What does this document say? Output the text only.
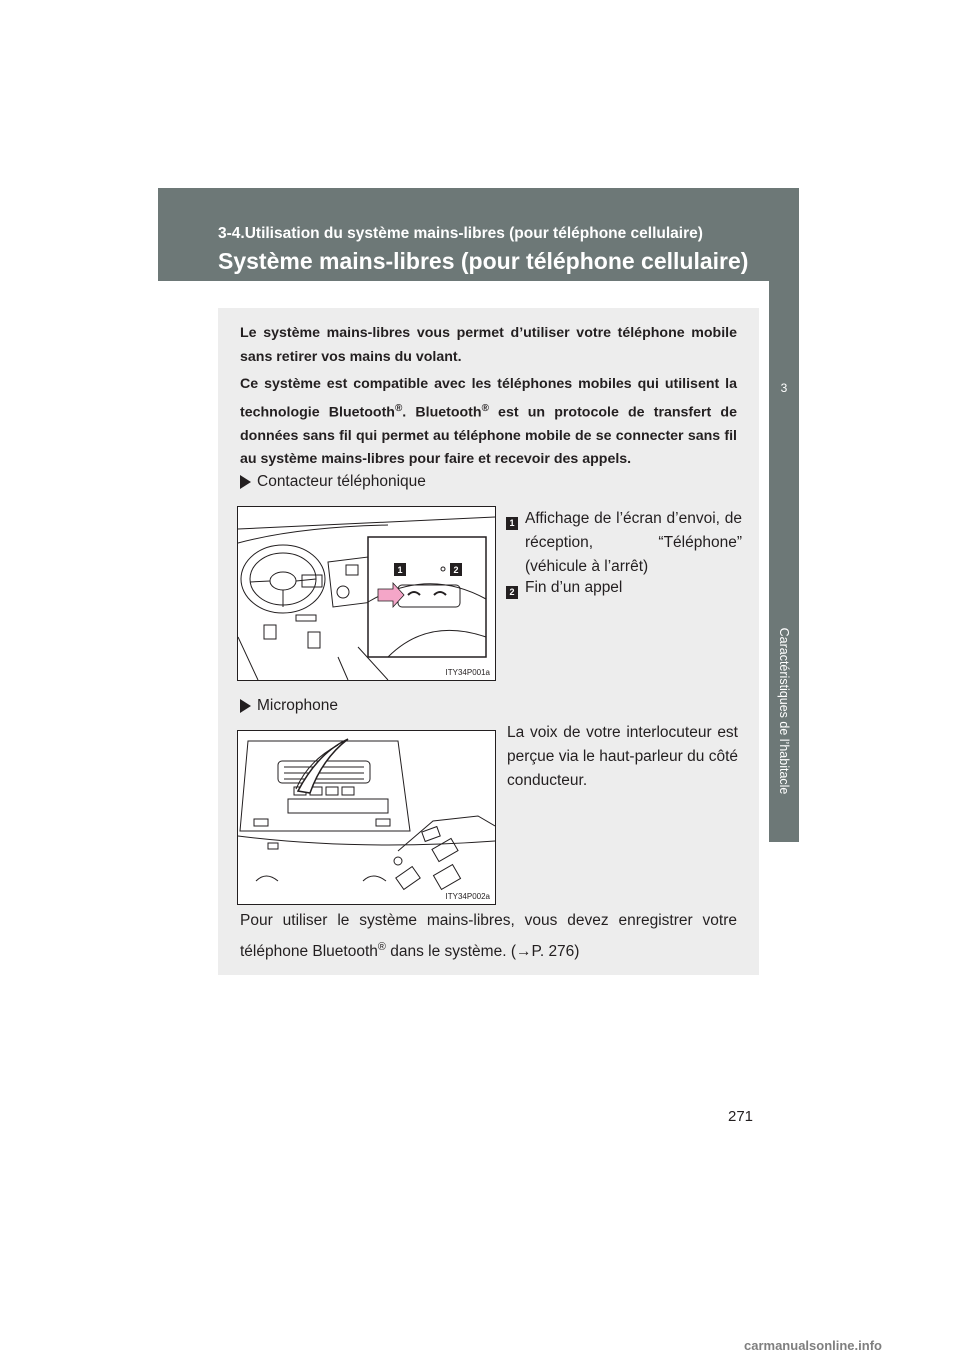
3-4.Utilisation du système mains-libres (pour téléphone cellulaire)
Système mains-libres (pour téléphone cellulaire)
3
Caractéristiques de l’habitacle

Le système mains-libres vous permet d’utiliser votre téléphone mobile sans retirer vos mains du volant.

Ce système est compatible avec les téléphones mobiles qui utilisent la technologie Bluetooth®. Bluetooth® est un protocole de transfert de données sans fil qui permet au téléphone mobile de se connecter sans fil au système mains-libres pour faire et recevoir des appels.

Contacteur téléphonique
1	2
ITY34P001a
1 Affichage de l’écran d’envoi, de réception, “Téléphone” (véhicule à l’arrêt)
2 Fin d’un appel
Microphone
ITY34P002a

La voix de votre interlocuteur est perçue via le haut-parleur du côté conducteur.

Pour utiliser le système mains-libres, vous devez enregistrer votre téléphone Bluetooth® dans le système. (→P. 276)

271
carmanualsonline.info
